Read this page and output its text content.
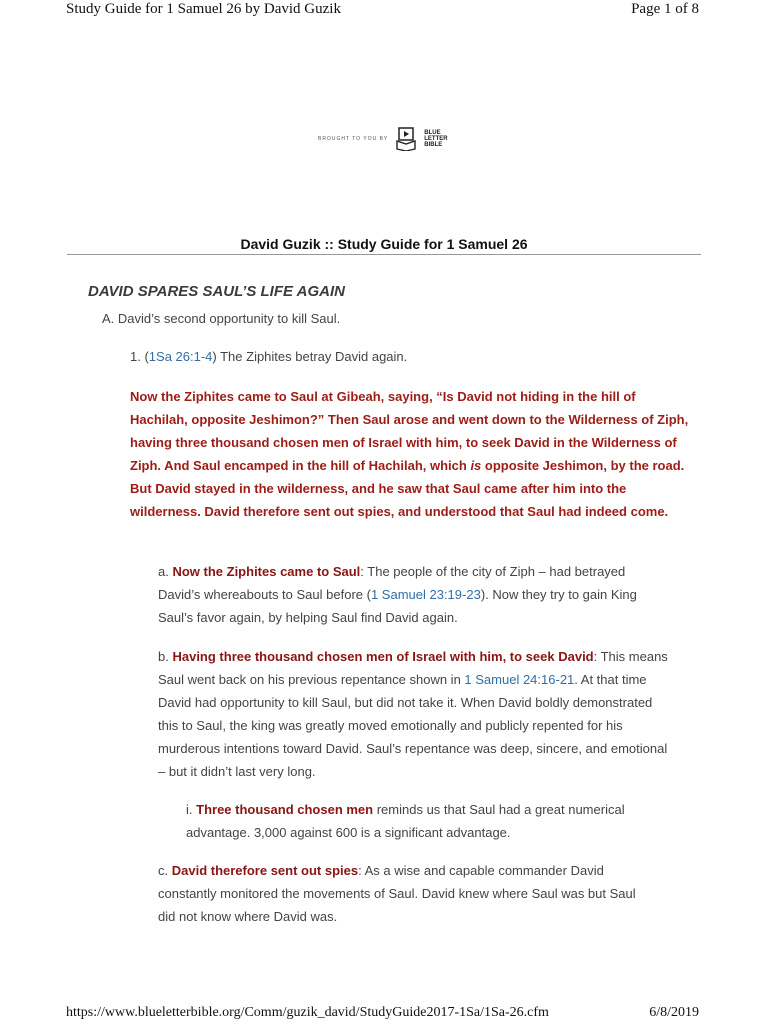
Study Guide for 1 Samuel 26 by David Guzik	Page 1 of 8
BROUGHT TO YOU BY
BLUE
LETTER
BIBLE
David Guzik :: Study Guide for 1 Samuel 26
DAVID SPARES SAUL’S LIFE AGAIN
A. David’s second opportunity to kill Saul.
1. (1Sa 26:1-4) The Ziphites betray David again.
Now the Ziphites came to Saul at Gibeah, saying, “Is David not hiding in the hill of Hachilah, opposite Jeshimon?” Then Saul arose and went down to the Wilderness of Ziph, having three thousand chosen men of Israel with him, to seek David in the Wilderness of Ziph. And Saul encamped in the hill of Hachilah, which is opposite Jeshimon, by the road. But David stayed in the wilderness, and he saw that Saul came after him into the wilderness. David therefore sent out spies, and understood that Saul had indeed come.
a. Now the Ziphites came to Saul: The people of the city of Ziph – had betrayed David’s whereabouts to Saul before (1 Samuel 23:19-23). Now they try to gain King Saul’s favor again, by helping Saul find David again.
b. Having three thousand chosen men of Israel with him, to seek David: This means Saul went back on his previous repentance shown in 1 Samuel 24:16-21. At that time David had opportunity to kill Saul, but did not take it. When David boldly demonstrated this to Saul, the king was greatly moved emotionally and publicly repented for his murderous intentions toward David. Saul’s repentance was deep, sincere, and emotional – but it didn’t last very long.
i. Three thousand chosen men reminds us that Saul had a great numerical advantage. 3,000 against 600 is a significant advantage.
c. David therefore sent out spies: As a wise and capable commander David constantly monitored the movements of Saul. David knew where Saul was but Saul did not know where David was.
https://www.blueletterbible.org/Comm/guzik_david/StudyGuide2017-1Sa/1Sa-26.cfm	6/8/2019
